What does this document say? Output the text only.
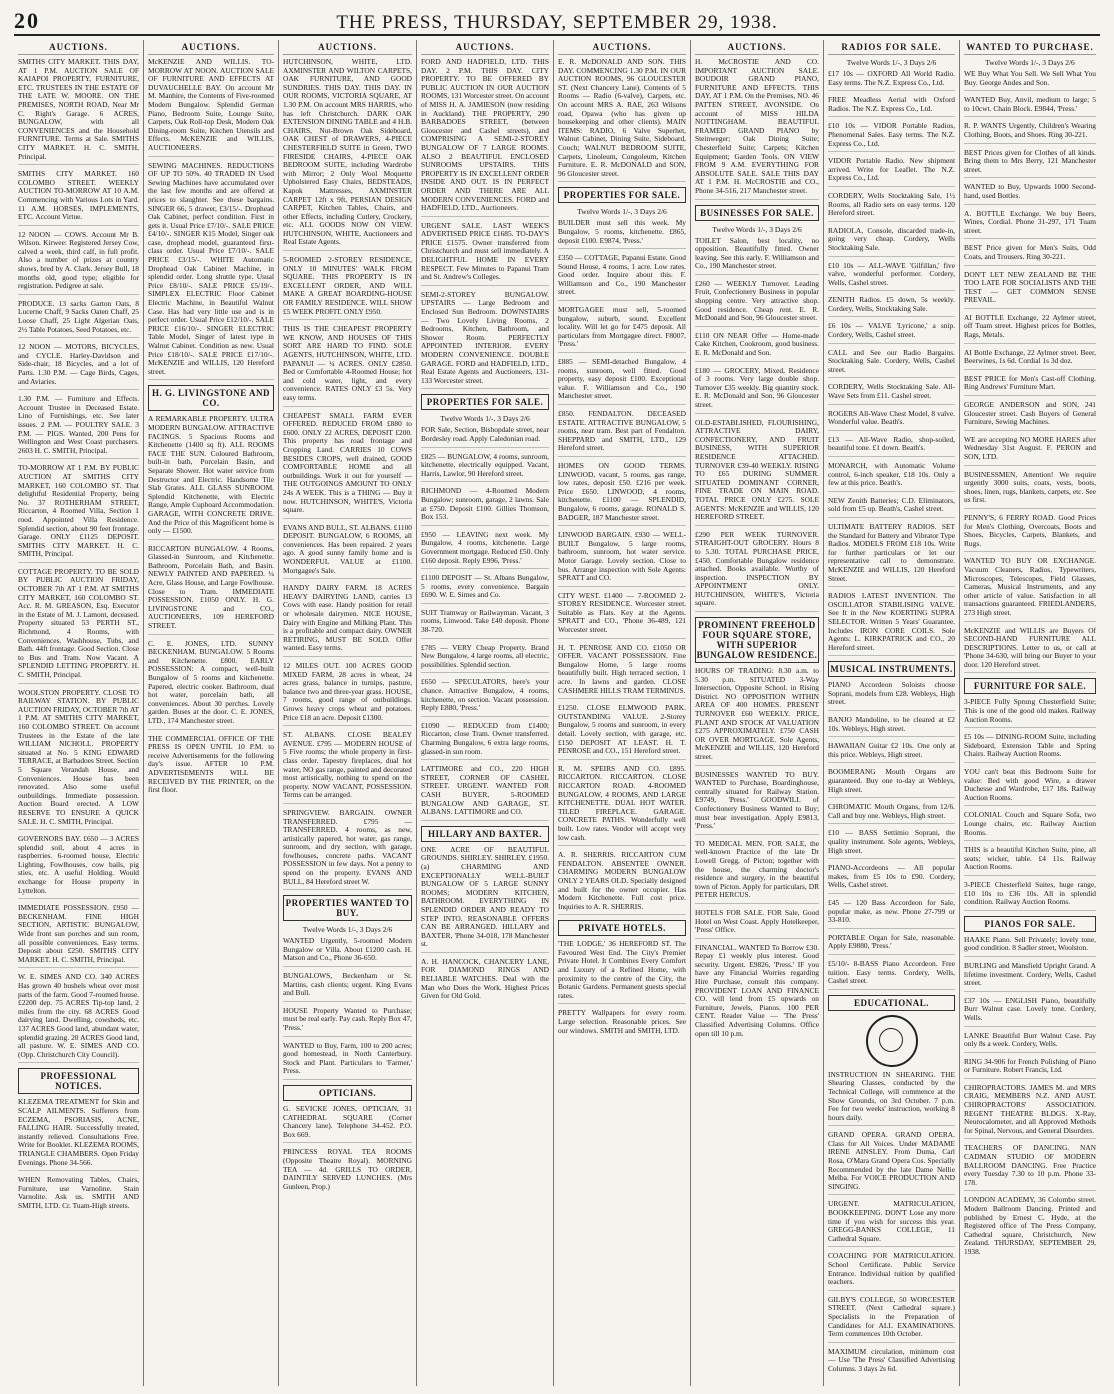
20	THE PRESS, THURSDAY, SEPTEMBER 29, 1938.
AUCTIONS.
SMITHS CITY MARKET. THIS DAY, AT 1 P.M. AUCTION SALE OF KAIAPOI PROPERTY, FURNITURE, ETC. TRUSTEES IN THE ESTATE OF THE LATE W. MOORE. ON THE PREMISES, NORTH ROAD, Near Mr C. Right's Garage. 6 ACRES, BUNGALOW, with all CONVENIENCES and the Household FURNITURE. Terms at Sale. SMITHS CITY MARKET. H. C. SMITH, Principal.
SMITHS CITY MARKET. 160 COLOMBO STREET. WEEKLY AUCTION TO-MORROW AT 10 A.M. Commencing with Various Lots in Yard. 11 A.M. HORSES, IMPLEMENTS, ETC. Account Virtue.
12 NOON — COWS. Account Mr B. Wilson. Kirwee: Registered Jersey Cow, calved a week, third calf, in full profit. Also a number of prizes at country shows, bred by A. Clark. Jersey Bull, 18 months old, good type; eligible for registration. Pedigree at sale.
PRODUCE. 13 sacks Garton Oats, 8 Lucerne Chaff, 9 Sacks Oaten Chaff, 25 Loose Chaff, 25 Light Algerian Oats, 2½ Table Potatoes, Seed Potatoes, etc.
12 NOON — MOTORS, BICYCLES, and CYCLE. Harley-Davidson and Side-chair, 18 Bicycles, and a lot of Parts. 1.30 P.M. — Cage Birds, Cages, and Aviaries.
1.30 P.M. — Furniture and Effects. Account Trustee in Deceased Estate. Lino of Furnishings, etc. See later issues. 2 P.M. — POULTRY SALE. 3 P.M. — PIGS. Wanted, 200 Pens for Wellington and West Coast purchasers. 2603 H. C. SMITH, Principal.
TO-MORROW AT 1 P.M. BY PUBLIC AUCTION AT SMITHS CITY MARKET, 160 COLOMBO ST. That delightful Residential Property, being No. 37 ROTHERHAM STREET, Riccarton, 4 Roomed Villa, Section 1 rood. Appointed Villa Residence. Splendid section, about 90 feet frontage. Garage. ONLY £1125 DEPOSIT. SMITHS CITY MARKET. H. C. SMITH, Principal.
COTTAGE PROPERTY. TO BE SOLD BY PUBLIC AUCTION FRIDAY, OCTOBER 7th AT 1 P.M. AT SMITHS CITY MARKET, 160 COLOMBO ST. Acc. R. M. GREASON, Esq. Executor in the Estate of M. J. Lamont, deceased. Property situated 53 PERTH ST., Richmond, 4 Rooms, with Conveniences. Washhouse, Tubs, and Bath. 44ft frontage. Good Section. Close to Bus and Tram. Now Vacant. A SPLENDID LETTING PROPERTY. H. C. SMITH, Principal.
WOOLSTON PROPERTY. CLOSE TO RAILWAY STATION. BY PUBLIC AUCTION FRIDAY, OCTOBER 7th AT 1 P.M. AT SMITHS CITY MARKET, 160 COLOMBO STREET. On account Trustees in the Estate of the late WILLIAM NICHOLL. PROPERTY situated at No. 5 KING EDWARD TERRACE, at Barbadoes Street. Section 5 Square Verandah House, and Conveniences. House has been renovated. Also some useful outbuildings. Immediate possession. Auction Board erected. A LOW RESERVE TO ENSURE A QUICK SALE. H. C. SMITH, Principal.
GOVERNORS BAY. £650 — 3 ACRES splendid soil, about 4 acres in raspberries. 6-roomed house, Electric Lighting, Fowlhouses, cow bails, pig sties, etc. A useful Holding. Would exchange for House property in Lyttelton.
IMMEDIATE POSSESSION. £950 — BECKENHAM. FINE HIGH SECTION, ARTISTIC BUNGALOW, Wide front sun porches and sun room, all possible conveniences. Easy terms. Deposit about £250. SMITHS CITY MARKET. H. C. SMITH, Principal.
W. E. SIMES AND CO. 340 ACRES Has grown 40 bushels wheat over most parts of the farm. Good 7-roomed house. £2200 dep. 75 ACRES Tip-top land, 2 miles from the city. 68 ACRES Good dairying land. Dwelling, cowsheds, etc. 137 ACRES Good land, abundant water, splendid grazing. 20 ACRES Good land, all pasture. W. E. SIMES AND CO. (Opp. Christchurch City Council).
PROFESSIONAL NOTICES.
KLEZEMA TREATMENT for Skin and SCALP AILMENTS. Sufferers from ECZEMA, PSORIASIS, ACNE, FALLING HAIR. Successfully treated, instantly relieved. Consultations Free. Write for Booklet. KLEZEMA ROOMS, TRIANGLE CHAMBERS. Open Friday Evenings. Phone 34-566.
WHEN Removating Tables, Chairs, Furniture, use Varnoline. Stain Varnolite. Ask us. SMITH AND SMITH, LTD. Cr. Tuam-High streets.
AUCTIONS.
McKENZIE AND WILLIS. TO-MORROW AT NOON. AUCTION SALE OF FURNITURE AND EFFECTS AT DUVAUCHELLE BAY. On account Mr M. Manhire, the Contents of Five-roomed Modern Bungalow. Splendid German Piano, Bedroom Suite, Lounge Suite, Carpets, Oak Roll-top Desk, Modern Oak Dining-room Suite, Kitchen Utensils and Effects. McKENZIE and WILLIS, AUCTIONEERS.
SEWING MACHINES. REDUCTIONS OF UP TO 50%. 40 TRADED IN Used Sewing Machines have accumulated over the last few months and are offered at prices to slaughter. See these bargains. SINGER 66, 5 drawer, £3/15/-. Drophead Oak Cabinet, perfect condition. First in gets it. Usual Price £7/10/-. SALE PRICE £4/10/-. SINGER K15 Model, Singer oak case, drophead model, guaranteed first-class order. Usual Price £7/10/-. SALE PRICE £3/15/-. WHITE Automatic Drophead Oak Cabinet Machine, in splendid order. Long shuttle type. Usual Price £8/10/-. SALE PRICE £5/19/-. SIMPLEX ELECTRIC Floor Cabinet Electric Machine, in Beautiful Walnut Case. Has had very little use and is in perfect order. Usual Price £12/10/-. SALE PRICE £16/10/-. SINGER ELECTRIC Table Model, Singer of latest type in Walnut Cabinet. Condition as new. Usual Price £18/10/-. SALE PRICE £17/10/-. McKENZIE and WILLIS, 120 Hereford street.
H. G. LIVINGSTONE AND CO.
A REMARKABLE PROPERTY. ULTRA MODERN BUNGALOW. ATTRACTIVE FACINGS. 5 Spacious Rooms and Kitchenette (1400 sq ft). ALL ROOMS FACE THE SUN. Coloured Bathroom, built-in bath, Porcelain Basin, and Separate Shower. Hot water service from Destructor and Electric. Handsome Tile Slab Grates. ALL GLASS SUNROOM. Splendid Kitchenette, with Electric Range, Ample Cupboard Accommodation. GARAGE, WITH CONCRETE DRIVE. And the Price of this Magnificent home is only — £1500.
RICCARTON BUNGALOW. 4 Rooms, Glassed-in Sunroom, and Kitchenette. Bathroom, Porcelain Bath, and Basin. NEWLY PAINTED AND PAPERED. ¼ Acre, Glass House, and Large Fowlhouse. Close to Tram. IMMEDIATE POSSESSION. £1050 ONLY. H. G. LIVINGSTONE and CO., AUCTIONEERS, 109 HEREFORD STREET.
C. E. JONES, LTD. SUNNY BECKENHAM. BUNGALOW. 5 Rooms and Kitchenette. £800. EARLY POSSESSION: A compact, well-built Bungalow of 5 rooms and kitchenette. Papered, electric cooker. Bathroom, dual hot water, porcelain bath, all conveniences. About 30 perches. Lovely garden. Buses at the door. C. E. JONES, LTD., 174 Manchester street.
THE COMMERCIAL OFFICE OF THE PRESS IS OPEN UNTIL 10 P.M. to receive Advertisements for the following day's issue. AFTER 10 P.M. ADVERTISEMENTS WILL BE RECEIVED BY THE PRINTER, on the first floor.
AUCTIONS.
HUTCHINSON, WHITE, LTD. AXMINSTER AND WILTON CARPETS, OAK FURNITURE, AND GOOD SUNDRIES. THIS DAY. THIS DAY. IN OUR ROOMS, VICTORIA SQUARE, AT 1.30 P.M. On account MRS HARRIS, who has left Christchurch. DARK OAK EXTENSION DINING TABLE and 4 H.B. CHAIRS, Nut-Brown Oak Sideboard, OAK CHEST of DRAWERS, 4-PIECE CHESTERFIELD SUITE in Green, TWO FIRESIDE CHAIRS, 4-PIECE OAK BEDROOM SUITE, including Wardrobe with Mirror; 2 Only Wool Moquette Upholstered Easy Chairs, BEDSTEADS, Kapok Mattresses, AXMINSTER CARPET 12ft x 9ft, PERSIAN DESIGN CARPET, Kitchen Tables, Chairs, and other Effects, including Cutlery, Crockery, etc. ALL GOODS NOW ON VIEW. HUTCHINSON, WHITE, Auctioneers and Real Estate Agents.
5-ROOMED 2-STOREY RESIDENCE, ONLY 10 MINUTES' WALK FROM SQUARE. THIS PROPERTY IS IN EXCELLENT ORDER, AND WILL MAKE A GREAT BOARDING-HOUSE OR FAMILY RESIDENCE. WILL SHOW £5 WEEK PROFIT. ONLY £950.
THIS IS THE CHEAPEST PROPERTY WE KNOW, AND HOUSES OF THIS SORT ARE HARD TO FIND. SOLE AGENTS, HUTCHINSON, WHITE, LTD. PAPANUI — ¼ ACRES. ONLY £2850. Bed or Comfortable 4-Roomed House; hot and cold water, light, and every convenience. RATES ONLY £3 5s. Very easy terms.
CHEAPEST SMALL FARM EVER OFFERED. REDUCED FROM £880 to £600. ONLY 22 ACRES, DEPOSIT £200. This property has road frontage and Cropping Land. CARRIES 10 COWS BESIDES CROPS, well drained, GOOD COMFORTABLE HOME and all outbuildings. Work it out for yourself — THE OUTGOINGS AMOUNT TO ONLY 24s A WEEK. This is a THING — Buy it now. HUTCHINSON, WHITE'S, Victoria square.
EVANS AND BULL, ST. ALBANS. £1100 DEPOSIT. BUNGALOW, 6 ROOMS, all conveniences. Has been repaired. 2 years ago. A good sunny family home and is WONDERFUL VALUE at £1100. Mortgagee's Sale.
HANDY DAIRY FARM. 18 ACRES HEAVY DAIRYING LAND, carries 13 Cows with ease. Handy position for retail or wholesale dairymen. NICE HOUSE, Dairy with Engine and Milking Plant. This is a profitable and compact dairy. OWNER RETIRING, MUST BE SOLD. Offer wanted. Easy terms.
12 MILES OUT. 100 ACRES GOOD MIXED FARM, 28 acres in wheat, 24 acres grass, balance in turnips, pasture, balance two and three-year grass. HOUSE, 7 rooms, good range of outbuildings. Grows heavy crops wheat and potatoes. Price £18 an acre. Deposit £1300.
ST. ALBANS. CLOSE BEALEY AVENUE. £795 — MODERN HOUSE of 5 Five rooms; the whole property in first-class order. Tapestry fireplaces, dual hot water, NO gas range, painted and decorated most artistically, nothing to spend on the property. NOW VACANT, POSSESSION. Terms can be arranged.
SPRINGVIEW. BARGAIN. OWNER TRANSFERRED. £795 — TRANSFERRED. 4 rooms, as new, artistically papered, hot water, gas range, sunroom, and dry section, with garage, fowlhouses, concrete paths. VACANT POSSESSION in few days. Not a penny to spend on the property. EVANS AND BULL, 84 Hereford street W.
PROPERTIES WANTED TO BUY.
Twelve Words 1/-, 3 Days 2/6
WANTED Urgently, 5-roomed Modern Bungalow or Villa. About £1200 cash. H. Matson and Co., Phone 36-650.
BUNGALOWS, Beckenham or St. Martins, cash clients; urgent. King Evans and Bull.
HOUSE Property Wanted to Purchase; must be real early. Pay cash. Reply Box 47, 'Press.'
WANTED to Buy, Farm, 100 to 200 acres; good homestead, in North Canterbury. Stock and Plant. Particulars to 'Farmer,' Press.
OPTICIANS.
G. SEVICKE JONES, OPTICIAN, 31 CATHEDRAL SQUARE (Corner Chancery lane). Telephone 34-452. P.O. Box 669.
PRINCESS ROYAL TEA ROOMS (Opposite Theatre Royal). MORNING TEA — 4d. GRILLS TO ORDER, DAINTILY SERVED LUNCHES. (Mrs Gunleen, Prop.)
AUCTIONS.
FORD AND HADFIELD, LTD. THIS DAY. 2 P.M. THIS DAY. CITY PROPERTY. TO BE OFFERED BY PUBLIC AUCTION IN OUR AUCTION ROOMS, 131 Worcester street. On account of MISS H. A. JAMIESON (now residing in Auckland). THE PROPERTY, 290 BARBADOES STREET, (between Gloucester and Cashel streets), and COMPRISING A SEMI-2-STOREY BUNGALOW OF 7 LARGE ROOMS. ALSO 2 BEAUTIFUL ENCLOSED SUNROOMS UPSTAIRS. THIS PROPERTY IS IN EXCELLENT ORDER INSIDE AND OUT. IS IN PERFECT ORDER AND THERE ARE ALL MODERN CONVENIENCES. FORD and HADFIELD, LTD., Auctioneers.
URGENT SALE. LAST WEEK'S ADVERTISED PRICE £1685. TO-DAY'S PRICE £1575. Owner transferred from Christchurch and must sell immediately. A DELIGHTFUL HOME IN EVERY RESPECT. Few Minutes to Papanui Tram and St. Andrew's Colleges.
SEMI-2-STOREY BUNGALOW. UPSTAIRS — Large Bedroom and Enclosed Sun Bedroom. DOWNSTAIRS — Two Lovely Living Rooms, 2 Bedrooms, Kitchen, Bathroom, and Shower Room. PERFECTLY APPOINTED INTERIOR. EVERY MODERN CONVENIENCE. DOUBLE GARAGE. FORD and HADFIELD, LTD., Real Estate Agents and Auctioneers, 131-133 Worcester street.
PROPERTIES FOR SALE.
Twelve Words 1/-, 3 Days 2/6
FOR Sale, Section, Bishopdale street, near Bordesley road. Apply Caledonian road.
£825 — BUNGALOW, 4 rooms, sunroom, kitchenette, electrically equipped. Vacant, Harris, Lawlor, 90 Hereford street.
RICHMOND — 4-Roomed Modern Bungalow; sunroom, garage, 2 lawns. Sale at £750. Deposit £100. Gillies Thomson, Box 153.
£950 — LEAVING next week. My Bungalow, 4 rooms, kitchenette. Large Government mortgage. Reduced £50. Only £160 deposit. Reply E996, 'Press.'
£1100 DEPOSIT — St. Albans Bungalow, 5 rooms, every convenience. Bargain £690. W. E. Simes and Co.
SUIT Tramway or Railwayman. Vacant, 3 rooms, Linwood. Take £40 deposit. Phone 38-720.
£785 — VERY Cheap Property. Brand New Bungalow, 4 large rooms, all electric, possibilities. Splendid section.
£650 — SPECULATORS, here's your chance. Attractive Bungalow, 4 rooms, kitchenette, on section. Vacant possession. Reply E880, 'Press.'
£1090 — REDUCED from £1400; Riccarton, close Tram. Owner transferred. Charming Bungalow, 6 extra large rooms, glassed-in sun room.
LATTIMORE and CO., 220 HIGH STREET, CORNER OF CASHEL STREET. URGENT. WANTED FOR CASH BUYER, 5-ROOMED BUNGALOW AND GARAGE, ST. ALBANS. LATTIMORE and CO.
HILLARY AND BAXTER.
ONE ACRE OF BEAUTIFUL GROUNDS. SHIRLEY. SHIRLEY. £1950. (a) CHARMING AND EXCEPTIONALLY WELL-BUILT BUNGALOW OF 5 LARGE SUNNY ROOMS; MODERN KITCHEN, BATHROOM. EVERYTHING IN SPLENDID ORDER AND READY TO STEP INTO. REASONABLE OFFERS CAN BE ARRANGED. HILLARY and BAXTER, 'Phone 34-018, 178 Manchester st.
A. H. HANCOCK, CHANCERY LANE, FOR DIAMOND RINGS AND RELIABLE WATCHES. Deal with the Man who Does the Work. Highest Prices Given for Old Gold.
AUCTIONS.
E. R. McDONALD AND SON. THIS DAY. COMMENCING 1.30 P.M. IN OUR AUCTION ROOMS, 96 GLOUCESTER ST. (Next Chancery Lane). Contents of 5 Rooms — Radio (6-valve), Carpets, etc. On account MRS A. RAE, 263 Wilsons road, Opawa (who has given up housekeeping and other clients). MAIN ITEMS: RADIO, 6 Valve Superhet, Walnut Cabinet, Dining Suite, Sideboard, Couch; WALNUT BEDROOM SUITE, Carpets, Linoleum, Congoleum, Kitchen Furniture. E. R. McDONALD and SON, 96 Gloucester street.
PROPERTIES FOR SALE.
Twelve Words 1/-, 3 Days 2/6
BUILDER must sell this week. My Bungalow, 5 rooms, kitchenette. £865, deposit £100. E9874, 'Press.'
£350 — COTTAGE, Papanui Estate. Good Sound House, 4 rooms, 1 acre. Low rates. Good order. Inquire about this. F. Williamson and Co., 190 Manchester street.
MORTGAGEE must sell, 5-roomed bungalow, suburb, sound. Excellent locality. Will let go for £475 deposit. All particulars from Mortgagee direct. F8007, 'Press.'
£885 — SEMI-detached Bungalow, 4 rooms, sunroom, well fitted. Good property, easy deposit £100. Exceptional value. F. Williamson and Co., 190 Manchester street.
£850. FENDALTON. DECEASED ESTATE. ATTRACTIVE BUNGALOW, 5 rooms, near tram. Best part of Fendalton. SHEPPARD and SMITH, LTD., 129 Hereford street.
HOMES ON GOOD TERMS. LINWOOD, vacant, 5 rooms, gas range, low rates, deposit £50. £216 per week. Price £650. LINWOOD, 4 rooms, kitchenette. £1100 — SPLENDID, Bungalow, 6 rooms, garage. RONALD S. BADGER, 187 Manchester street.
LINWOOD BARGAIN. £930 — WELL-BUILT Bungalow, 5 large rooms, bathroom, sunroom, hot water service. Motor Garage. Lovely section. Close to bus. Arrange inspection with Sole Agents: SPRATT and CO.
CITY WEST. £1400 — 7-ROOMED 2-STOREY RESIDENCE. Worcester street. Suitable as Flats. Key at the Agents. SPRATT and CO., 'Phone 36-489, 121 Worcester street.
H. T. PENROSE AND CO. £1050 OR OFFER. VACANT POSSESSION. Fine Bungalow Home, 5 large rooms beautifully built. High terraced section, 1 acre. In lawns and garden. CLOSE CASHMERE HILLS TRAM TERMINUS.
£1250. CLOSE ELMWOOD PARK. OUTSTANDING VALUE. 2-Storey Bungalow, 5 rooms and sunroom, in every detail. Lovely section, with garage, etc. £150 DEPOSIT AT LEAST. H. T. PENROSE and CO., 151 Hereford street.
R. M. SPEIRS AND CO. £895. RICCARTON. RICCARTON. CLOSE RICCARTON ROAD. 4-ROOMED BUNGALOW, 4 ROOMS, AND LARGE KITCHENETTE. DUAL HOT WATER. TILED FIREPLACE. GARAGE. CONCRETE PATHS. Wonderfully well built. Low rates. Vendor will accept very low cash.
A. R. SHERRIS. RICCARTON CUM FENDALTON. ABSENTEE OWNER. CHARMING MODERN BUNGALOW ONLY 2 YEARS OLD. Specially designed and built for the owner occupier. Has Modern Kitchenette. Full cost price. Inquiries to A. R. SHERRIS.
PRIVATE HOTELS.
'THE LODGE,' 36 HEREFORD ST. The Favoured West End. The City's Premier Private Hotel. It Combines Every Comfort and Luxury of a Refined Home, with proximity to the centre of the City, the Botanic Gardens. Permanent guests special rates.
PRETTY Wallpapers for every room. Large selection. Reasonable prices. See our windows. SMITH and SMITH, LTD.
AUCTIONS.
H. McCROSTIE AND CO. IMPORTANT AUCTION SALE. BOUDOIR GRAND PIANO, FURNITURE AND EFFECTS. THIS DAY, AT 1 P.M. On the Premises, NO. 46 PATTEN STREET, AVONSIDE. On account of MISS HILDA NOTTINGHAM. BEAUTIFUL FRAMED GRAND PIANO by Steinweger; Oak Dining Suite; Chesterfield Suite; Carpets; Kitchen Equipment; Garden Tools. ON VIEW FROM 9 A.M. EVERYTHING FOR ABSOLUTE SALE. SALE THIS DAY AT 1 P.M. H. McCROSTIE and CO., Phone 34-516, 217 Manchester street.
BUSINESSES FOR SALE.
Twelve Words 1/-, 3 Days 2/6
TOILET Salon, best locality, no opposition. Beautifully fitted. Owner leaving. See this early. F. Williamson and Co., 190 Manchester street.
£260 — WEEKLY Turnover. Leading Fruit, Confectionery Business in popular shopping centre. Very attractive shop. Good residence. Cheap rent. E. R. McDonald and Son, 96 Gloucester street.
£110 ON NEAR Offer — Home-made Cake Kitchen, Cookroom, good business. E. R. McDonald and Son.
£180 — GROCERY, Mixed, Residence of 3 rooms. Very large double shop. Turnover £35 weekly. Big quantity stock. E. R. McDonald and Son, 96 Gloucester street.
OLD-ESTABLISHED, FLOURISHING, ATTRACTIVE DAIRY, CONFECTIONERY, AND FRUIT BUSINESS, WITH SUPERIOR RESIDENCE ATTACHED. TURNOVER £39-40 WEEKLY. RISING TO £65 DURING SUMMER. SITUATED DOMINANT CORNER, FINE TRADE ON MAIN ROAD. TOTAL PRICE ONLY £275. SOLE AGENTS: McKENZIE and WILLIS, 120 HEREFORD STREET.
£290 PER WEEK TURNOVER. STRAIGHT-OUT GROCERY. Hours 8 to 5.30. TOTAL PURCHASE PRICE, £450. Comfortable Bungalow residence attached. Books available. Worthy of inspection. INSPECTION BY APPOINTMENT ONLY. HUTCHINSON, WHITE'S, Victoria square.
PROMINENT FREEHOLD FOUR SQUARE STORE, WITH SUPERIOR BUNGALOW RESIDENCE.
HOURS OF TRADING: 8.30 a.m. to 5.30 p.m. SITUATED 3-Way Intersection, Opposite School. in Rising District. NO OPPOSITION WITHIN AREA OF 400 HOMES. PRESENT TURNOVER £60 WEEKLY. PRICE, PLANT AND STOCK AT VALUATION £275 APPROXIMATELY. £750 CASH OR OVER MORTGAGE. Sole Agents, McKENZIE and WILLIS, 120 Hereford street.
BUSINESSES WANTED TO BUY. WANTED to Purchase, Boardinghouse, centrally situated for Railway Station. E9749, 'Press.' GOODWILL of Confectionery Business Wanted to Buy; must bear investigation. Apply E9813, 'Press.'
TO MEDICAL MEN. FOR SALE, the well-known Practice of the late Dr Lowell Gregg, of Picton; together with the house, the charming doctor's residence and surgery, in the beautiful town of Picton. Apply for particulars, DR PETER HERCUS.
HOTELS FOR SALE. FOR Sale, Good Hotel on West Coast. Apply Hotelkeeper, 'Press' Office.
FINANCIAL. WANTED To Borrow £30. Repay £1 weekly plus interest. Good security. Urgent. E9826, 'Press.' IF you have any Financial Worries regarding Hire Purchase, consult this company. PROVIDENT LOAN AND FINANCE CO. will lend from £5 upwards on Furniture, Jewels, Pianos. 100 PER CENT. Reader Value — 'The Press' Classified Advertising Columns. Office open till 10 p.m.
RADIOS FOR SALE.
Twelve Words 1/-, 3 Days 2/6
£17 10s — OXFORD All World Radio. Easy terms. The N.Z. Express Co., Ltd.
FREE Meadless Aerial with Oxford Radios. The N.Z. Express Co., Ltd.
£10 10s — VIDOR Portable Radios, Phenomenal Sales. Easy terms. The N.Z. Express Co., Ltd.
VIDOR Portable Radio. New shipment arrived. Write for Leaflet. The N.Z. Express Co., Ltd.
CORDERY, Wells Stocktaking Sale, 1½ Rooms, all Radio sets on easy terms. 120 Hereford street.
RADIOLA, Console, discarded trade-in, going very cheap. Cordery, Wells Stocktaking Sale.
£10 10s — ALL-WAVE 'Gilfillan,' five valve, wonderful performer. Cordery, Wells, Cashel street.
ZENITH Radios. £5 down, 5s weekly. Cordery, Wells, Stocktaking Sale.
£6 10s — VALVE 'Lyricone,' a snip. Cordery, Wells, Cashel street.
CALL and See our Radio Bargains. Stocktaking Sale. Cordery, Wells, Cashel street.
CORDERY, Wells Stocktaking Sale. All-Wave Sets from £11. Cashel street.
ROGERS All-Wave Chest Model, 8 valve. Wonderful value. Beath's.
£13 — All-Wave Radio, shop-soiled, beautiful tone. £1 down. Beath's.
MONARCH, with Automatic Volume control, 6-inch speaker, £18 10s. Only a few at this price. Beath's.
NEW Zenith Batteries; C.D. Eliminators, sold from £5 up. Beath's, Cashel street.
ULTIMATE BATTERY RADIOS. SET the Standard for Battery and Vibrator Type Radios. MODELS FROM £18 10s. Write for further particulars or let our representative call to demonstrate. McKENZIE and WILLIS, 120 Hereford Street.
RADIOS LATEST INVENTION. The OSCILLATOR STABILISING VALVE. See It in the New KOERTING SUPRA SELECTOR. Written 5 Years' Guarantee. Includes IRON CORE COILS. Sole Agents: L. KIRKPATRICK and CO., 20 Hereford street.
MUSICAL INSTRUMENTS.
PIANO Accordeon Soloists choose Soprani, models from £28. Webleys, High street.
BANJO Mandoline, to be cleared at £2 10s. Webleys, High street.
HAWAIIAN Guitar £2 10s. One only at this price. Webleys, High street.
BOOMERANG Mouth Organs are guaranteed. Buy one to-day at Webleys, High street.
CHROMATIC Mouth Organs, from 12/6. Call and buy one. Webleys, High street.
£10 — BASS Settimio Soprani, the quality instrument. Sole agents, Webleys, High street.
PIANO-Accordeons — All popular makes, from £5 10s to £90. Cordery, Wells, Cashel street.
£45 — 120 Bass Accordeon for Sale, popular make, as new. Phone 27-799 or 33-810.
PORTABLE Organ for Sale, reasonable. Apply E9880, 'Press.'
£5/10/- 8-BASS Piano Accordeon. Free tuition. Easy terms. Cordery, Wells, Cashel street.
EDUCATIONAL.
INSTRUCTION IN SHEARING. THE Shearing Classes, conducted by the Technical College, will commence at the Show Grounds, on 3rd October. 7 p.m. Fee for two weeks' instruction, working 8 hours daily.
GRAND OPERA. GRAND OPERA. Class for All Voices. Under MADAME IRENE AINSLEY. From Duma, Carl Rosa, O'Mara Grand Opera Cos. Specially Recommended by the late Dame Nellie Melba. For VOICE PRODUCTION AND SINGING.
URGENT. MATRICULATION, BOOKKEEPING. DON'T Lose any more time if you wish for success this year. GREGG-BANKS COLLEGE, 11 Cathedral Square.
COACHING FOR MATRICULATION. School Certificate. Public Service Entrance. Individual tuition by qualified teachers.
GILBY'S COLLEGE, 50 WORCESTER STREET. (Next Cathedral square.) Specialists in the Preparation of Candidates for ALL EXAMINATIONS. Term commences 10th October.
MAXIMUM circulation, minimum cost — Use 'The Press' Classified Advertising Columns. 3 days 2s 6d.
WANTED TO PURCHASE.
Twelve Words 1/-, 3 Days 2/6
WE Buy What You Sell. We Sell What You Buy. George Andes and Son.
WANTED Buy, Anvil, medium to large; 5 to 10cwt. Chain Block. E9844, 'Press.'
R. P. WANTS Urgently, Children's Wearing Clothing, Boots, and Shoes. Ring 30-221.
BEST Prices given for Clothes of all kinds. Bring them to Mrs Berry, 121 Manchester street.
WANTED to Buy, Upwards 1000 Second-hand, used Bottles.
A. BOTTLE Exchange. We buy Beers, Wines, Cordial. Phone 31-297, 171 Tuam street.
BEST Price given for Men's Suits, Odd Coats, and Trousers. Ring 30-221.
DON'T LET NEW ZEALAND BE THE TOO LATE FOR SOCIALISTS AND THE TEST — GET COMMON SENSE PREVAIL.
AI BOTTLE Exchange, 22 Aylmer street, off Tuam street. Highest prices for Bottles, Rags, Metals.
AI Bottle Exchange, 22 Aylmer street. Beer, Beerwines, 1s 6d. Cordial 1s 3d doz.
BEST PRICE for Men's Cast-off Clothing. Ring Andrews' Furniture Mart.
GEORGE ANDERSON and SON, 241 Gloucester street. Cash Buyers of General Furniture, Sewing Machines.
WE are accepting NO MORE HARES after Wednesday 31st August. F. PERON and SON, LTD.
BUSINESSMEN, Attention! We require urgently 3000 suits, coats, vests, boots, shoes, linen, rugs, blankets, carpets, etc. See us first.
PENNY'S, 6 FERRY ROAD. Good Prices for Men's Clothing, Overcoats, Boots and Shoes, Bicycles, Carpets, Blankets, and Rugs.
WANTED TO BUY OR EXCHANGE. Vacuum Cleaners, Radios, Typewriters, Microscopes, Telescopes, Field Glasses, Cameras, Musical Instruments, and any other article of value. Satisfaction in all transactions guaranteed. FRIEDLANDERS, 273 High street.
McKENZIE and WILLIS are Buyers Of SECOND-HAND FURNITURE ALL DESCRIPTIONS. Letter to us, or call at 'Phone 34-630, will bring our Buyer to your door. 120 Hereford street.
FURNITURE FOR SALE.
3-PIECE Fully Sprung Chesterfield Suite; This is one of the good old makes. Railway Auction Rooms.
£5 10s — DINING-ROOM Suite, including Sideboard, Extension Table and Spring Chairs. Railway Auction Rooms.
YOU can't beat this Bedroom Suite for value: Bed with good Wire, a drawer Duchesse and Wardrobe, £17 18s. Railway Auction Rooms.
COLONIAL Couch and Square Sofa, two Lounge chairs, etc. Railway Auction Rooms.
THIS is a beautiful Kitchen Suite, pine, all seats; wicker, table. £4 11s. Railway Auction Rooms.
3-PIECE Chesterfield Suites, huge range, £10 10s to £36 10s. All in splendid condition. Railway Auction Rooms.
PIANOS FOR SALE.
HAAKE Piano. Sell Privately; lovely tone, good condition. 8 Sadler street, Woolston.
BURLING and Mansfield Upright Grand. A lifetime investment. Cordery, Wells, Cashel street.
£37 10s — ENGLISH Piano, beautifully Burr Walnut case. Lovely tone. Cordery, Wells.
LANKE Beautiful Burr Walnut Case. Pay only 8s a week. Cordery, Wells.
RING 34-906 for French Polishing of Piano or Furniture. Robert Francis, Ltd.
CHIROPRACTORS. JAMES M. and MRS CRAIG, MEMBERS N.Z. AND AUST. CHIROPRACTORS' ASSOCIATION. REGENT THEATRE BLDGS. X-Ray, Neurocalometer, and all Approved Methods for Spinal, Nervous, and General Disorders.
TEACHERS OF DANCING. NAN CADMAN STUDIO OF MODERN BALLROOM DANCING. Free Practice every Tuesday 7.30 to 10 p.m. Phone 33-178.
LONDON ACADEMY, 36 Colombo street. Modern Ballroom Dancing. Printed and published by Ernest C. Hyde, at the Registered office of The Press Company, Cathedral square, Christchurch, New Zealand. THURSDAY, SEPTEMBER 29, 1938.
